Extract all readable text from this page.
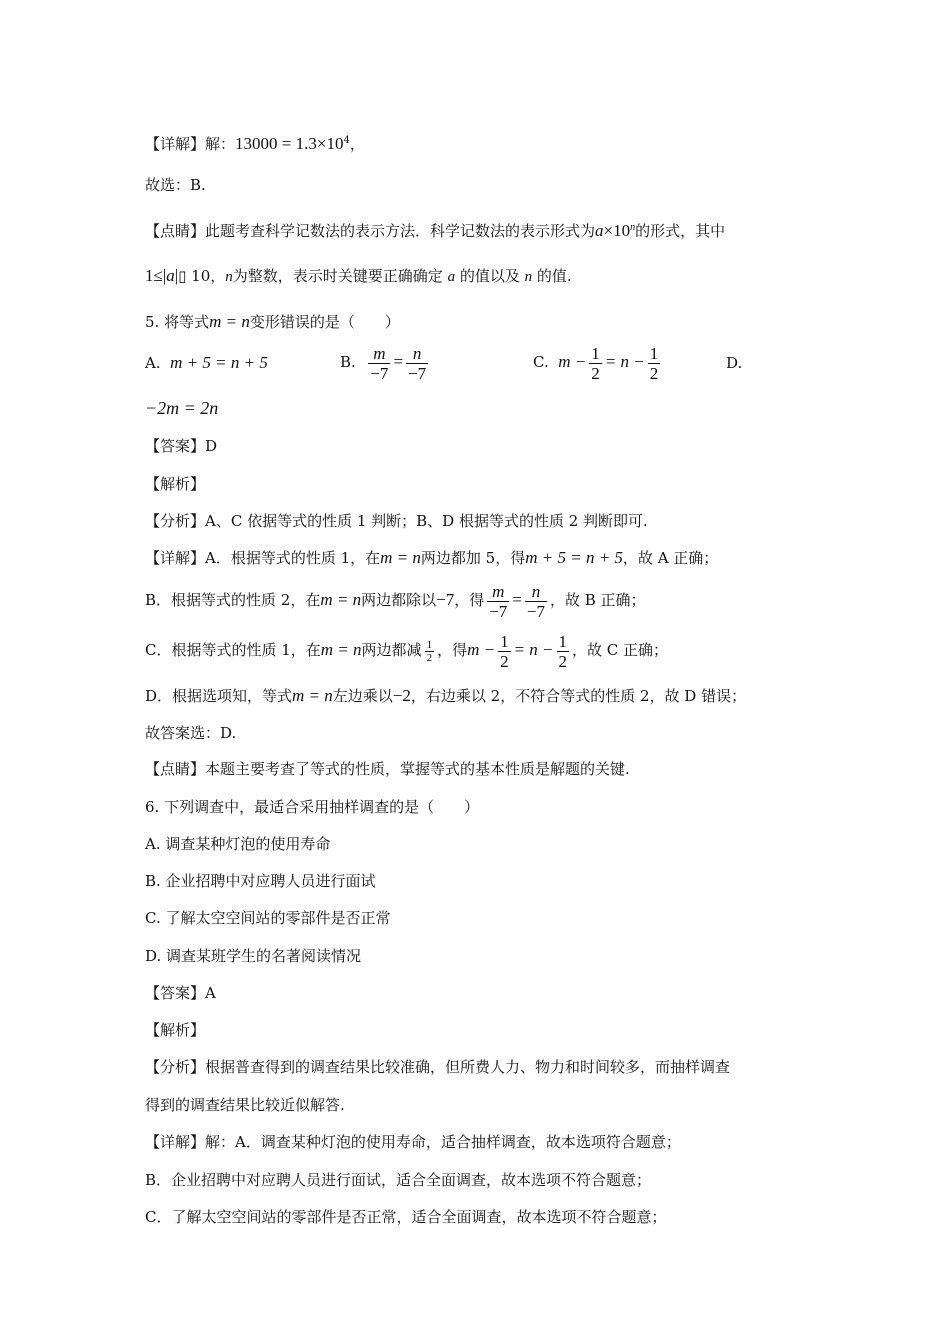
【详解】解：$13000 = 1.3\times 10^4$，
故选：B.
【点睛】此题考查科学记数法的表示方法．科学记数法的表示形式为$a\times 10^n$的形式，其中
1≤|a|▯ 10，n为整数，表示时关键要正确确定 a 的值以及 n 的值.
5. 将等式m = n变形错误的是（　　）
A. m + 5 = n + 5	B. $\frac{m}{-7} = \frac{n}{-7}$	C. $m - \frac{1}{2} = n - \frac{1}{2}$	D.
−2m = 2n
【答案】D
【解析】
【分析】A、C 依据等式的性质 1 判断；B、D 根据等式的性质 2 判断即可.
【详解】A．根据等式的性质 1，在m = n两边都加 5，得m + 5 = n + 5，故 A 正确；
B．根据等式的性质 2，在m = n两边都除以−7，得 $\frac{m}{-7} = \frac{n}{-7}$ ，故 B 正确；
C．根据等式的性质 1，在m = n两边都减 $\frac{1}{2}$ ，得$m - \frac{1}{2} = n - \frac{1}{2}$ ，故 C 正确；
D．根据选项知，等式m = n左边乘以−2，右边乘以 2，不符合等式的性质 2，故 D 错误；
故答案选：D.
【点睛】本题主要考查了等式的性质，掌握等式的基本性质是解题的关键.
6. 下列调查中，最适合采用抽样调查的是（　　）
A. 调查某种灯泡的使用寿命
B. 企业招聘中对应聘人员进行面试
C. 了解太空空间站的零部件是否正常
D. 调查某班学生的名著阅读情况
【答案】A
【解析】
【分析】根据普查得到的调查结果比较准确，但所费人力、物力和时间较多，而抽样调查
得到的调查结果比较近似解答.
【详解】解：A．调查某种灯泡的使用寿命，适合抽样调查，故本选项符合题意；
B．企业招聘中对应聘人员进行面试，适合全面调查，故本选项不符合题意；
C．了解太空空间站的零部件是否正常，适合全面调查，故本选项不符合题意；
